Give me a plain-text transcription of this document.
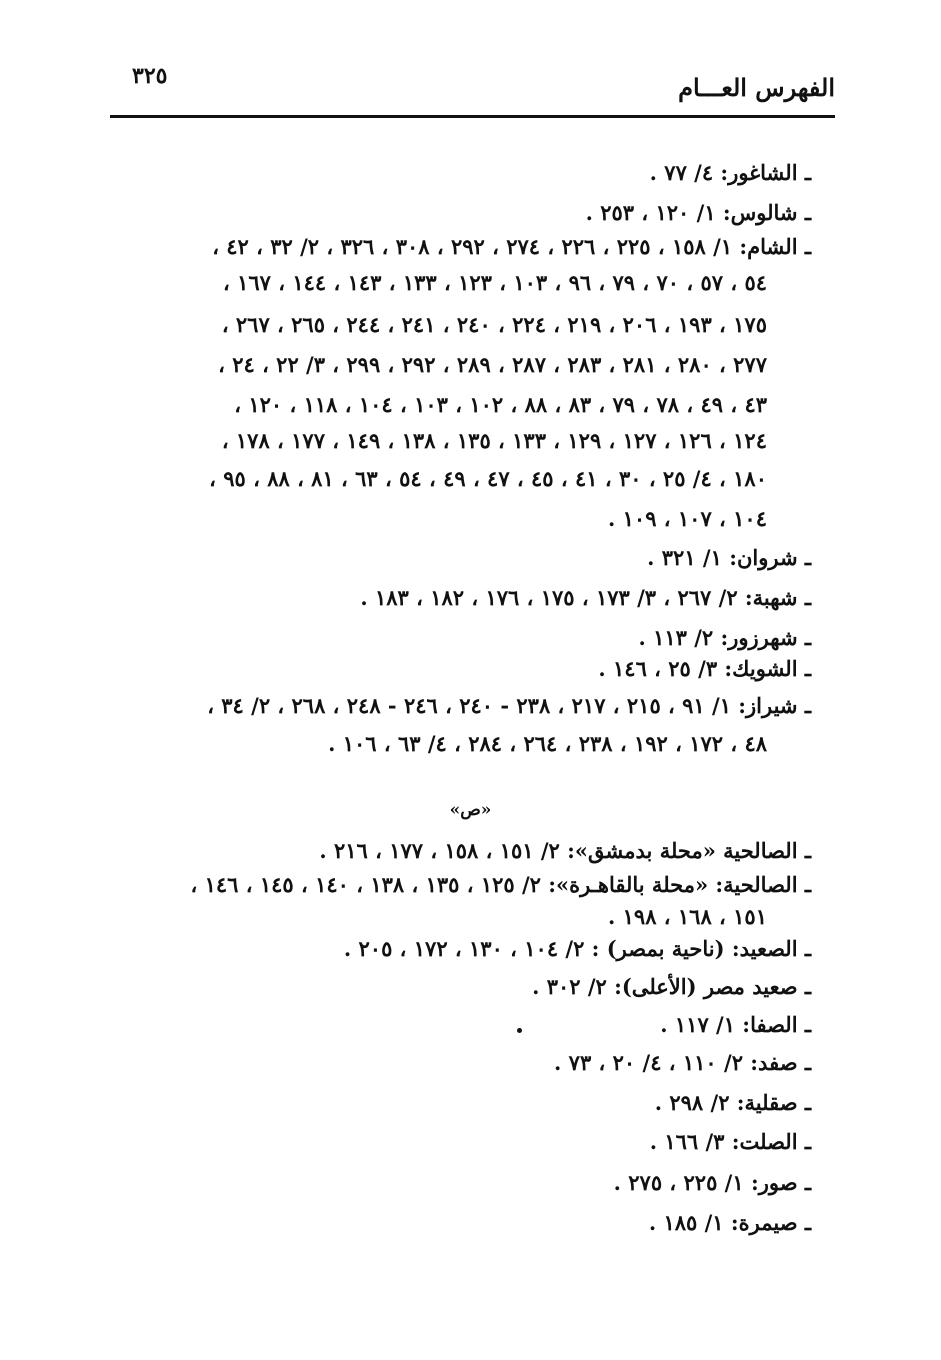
الفهرس العـــام
٣٢٥
ـ الشاغور: ٤/ ٧٧ .
ـ شالوس: ١/ ١٢٠ ، ٢٥٣ .
ـ الشام: ١/ ١٥٨ ، ٢٢٥ ، ٢٢٦ ، ٢٧٤ ، ٢٩٢ ، ٣٠٨ ، ٣٢٦ ، ٢/ ٣٢ ، ٤٢ ،
٥٤ ، ٥٧ ، ٧٠ ، ٧٩ ، ٩٦ ، ١٠٣ ، ١٢٣ ، ١٣٣ ، ١٤٣ ، ١٤٤ ، ١٦٧ ،
١٧٥ ، ١٩٣ ، ٢٠٦ ، ٢١٩ ، ٢٢٤ ، ٢٤٠ ، ٢٤١ ، ٢٤٤ ، ٢٦٥ ، ٢٦٧ ،
٢٧٧ ، ٢٨٠ ، ٢٨١ ، ٢٨٣ ، ٢٨٧ ، ٢٨٩ ، ٢٩٢ ، ٢٩٩ ، ٣/ ٢٢ ، ٢٤ ،
٤٣ ، ٤٩ ، ٧٨ ، ٧٩ ، ٨٣ ، ٨٨ ، ١٠٢ ، ١٠٣ ، ١٠٤ ، ١١٨ ، ١٢٠ ،
١٢٤ ، ١٢٦ ، ١٢٧ ، ١٢٩ ، ١٣٣ ، ١٣٥ ، ١٣٨ ، ١٤٩ ، ١٧٧ ، ١٧٨ ،
١٨٠ ، ٤/ ٢٥ ، ٣٠ ، ٤١ ، ٤٥ ، ٤٧ ، ٤٩ ، ٥٤ ، ٦٣ ، ٨١ ، ٨٨ ، ٩٥ ،
١٠٤ ، ١٠٧ ، ١٠٩ .
ـ شروان: ١/ ٣٢١ .
ـ شهبة: ٢/ ٢٦٧ ، ٣/ ١٧٣ ، ١٧٥ ، ١٧٦ ، ١٨٢ ، ١٨٣ .
ـ شهرزور: ٢/ ١١٣ .
ـ الشويك: ٣/ ٢٥ ، ١٤٦ .
ـ شيراز: ١/ ٩١ ، ٢١٥ ، ٢١٧ ، ٢٣٨ - ٢٤٠ ، ٢٤٦ - ٢٤٨ ، ٢٦٨ ، ٢/ ٣٤ ،
٤٨ ، ١٧٢ ، ١٩٢ ، ٢٣٨ ، ٢٦٤ ، ٢٨٤ ، ٤/ ٦٣ ، ١٠٦ .
«ص»
ـ الصالحية «محلة بدمشق»: ٢/ ١٥١ ، ١٥٨ ، ١٧٧ ، ٢١٦ .
ـ الصالحية: «محلة بالقاهـرة»: ٢/ ١٢٥ ، ١٣٥ ، ١٣٨ ، ١٤٠ ، ١٤٥ ، ١٤٦ ،
١٥١ ، ١٦٨ ، ١٩٨ .
ـ الصعيد: (ناحية بمصر) : ٢/ ١٠٤ ، ١٣٠ ، ١٧٢ ، ٢٠٥ .
ـ صعيد مصر (الأعلى): ٢/ ٣٠٢ .
ـ الصفا: ١/ ١١٧ .
ـ صفد: ٢/ ١١٠ ، ٤/ ٢٠ ، ٧٣ .
ـ صقلية: ٢/ ٢٩٨ .
ـ الصلت: ٣/ ١٦٦ .
ـ صور: ١/ ٢٢٥ ، ٢٧٥ .
ـ صيمرة: ١/ ١٨٥ .
